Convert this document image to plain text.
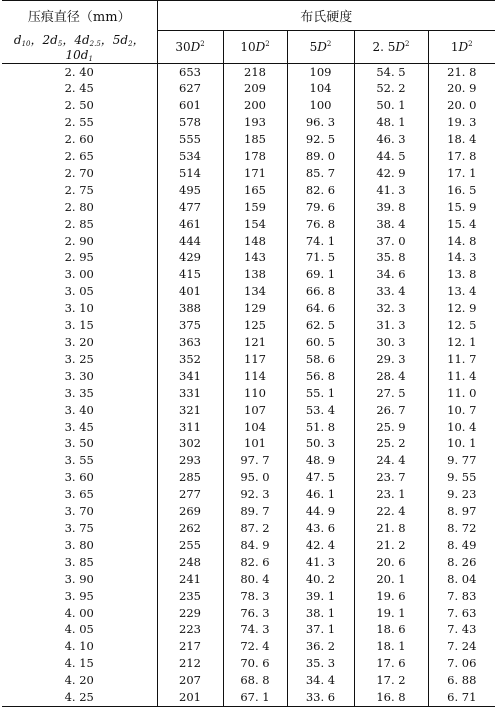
压痕直径（mm）	布氏硬度				
$d_{10}$，$2d_5$，$4d_{2.5}$，$5d_2$，$10d_1$	$30D^2$	$10D^2$	$5D^2$	2. $5D^2$	$1D^2$
2. 40	653	218	109	54. 5	21. 8
2. 45	627	209	104	52. 2	20. 9
2. 50	601	200	100	50. 1	20. 0
2. 55	578	193	96. 3	48. 1	19. 3
2. 60	555	185	92. 5	46. 3	18. 4
2. 65	534	178	89. 0	44. 5	17. 8
2. 70	514	171	85. 7	42. 9	17. 1
2. 75	495	165	82. 6	41. 3	16. 5
2. 80	477	159	79. 6	39. 8	15. 9
2. 85	461	154	76. 8	38. 4	15. 4
2. 90	444	148	74. 1	37. 0	14. 8
2. 95	429	143	71. 5	35. 8	14. 3
3. 00	415	138	69. 1	34. 6	13. 8
3. 05	401	134	66. 8	33. 4	13. 4
3. 10	388	129	64. 6	32. 3	12. 9
3. 15	375	125	62. 5	31. 3	12. 5
3. 20	363	121	60. 5	30. 3	12. 1
3. 25	352	117	58. 6	29. 3	11. 7
3. 30	341	114	56. 8	28. 4	11. 4
3. 35	331	110	55. 1	27. 5	11. 0
3. 40	321	107	53. 4	26. 7	10. 7
3. 45	311	104	51. 8	25. 9	10. 4
3. 50	302	101	50. 3	25. 2	10. 1
3. 55	293	97. 7	48. 9	24. 4	9. 77
3. 60	285	95. 0	47. 5	23. 7	9. 55
3. 65	277	92. 3	46. 1	23. 1	9. 23
3. 70	269	89. 7	44. 9	22. 4	8. 97
3. 75	262	87. 2	43. 6	21. 8	8. 72
3. 80	255	84. 9	42. 4	21. 2	8. 49
3. 85	248	82. 6	41. 3	20. 6	8. 26
3. 90	241	80. 4	40. 2	20. 1	8. 04
3. 95	235	78. 3	39. 1	19. 6	7. 83
4. 00	229	76. 3	38. 1	19. 1	7. 63
4. 05	223	74. 3	37. 1	18. 6	7. 43
4. 10	217	72. 4	36. 2	18. 1	7. 24
4. 15	212	70. 6	35. 3	17. 6	7. 06
4. 20	207	68. 8	34. 4	17. 2	6. 88
4. 25	201	67. 1	33. 6	16. 8	6. 71
